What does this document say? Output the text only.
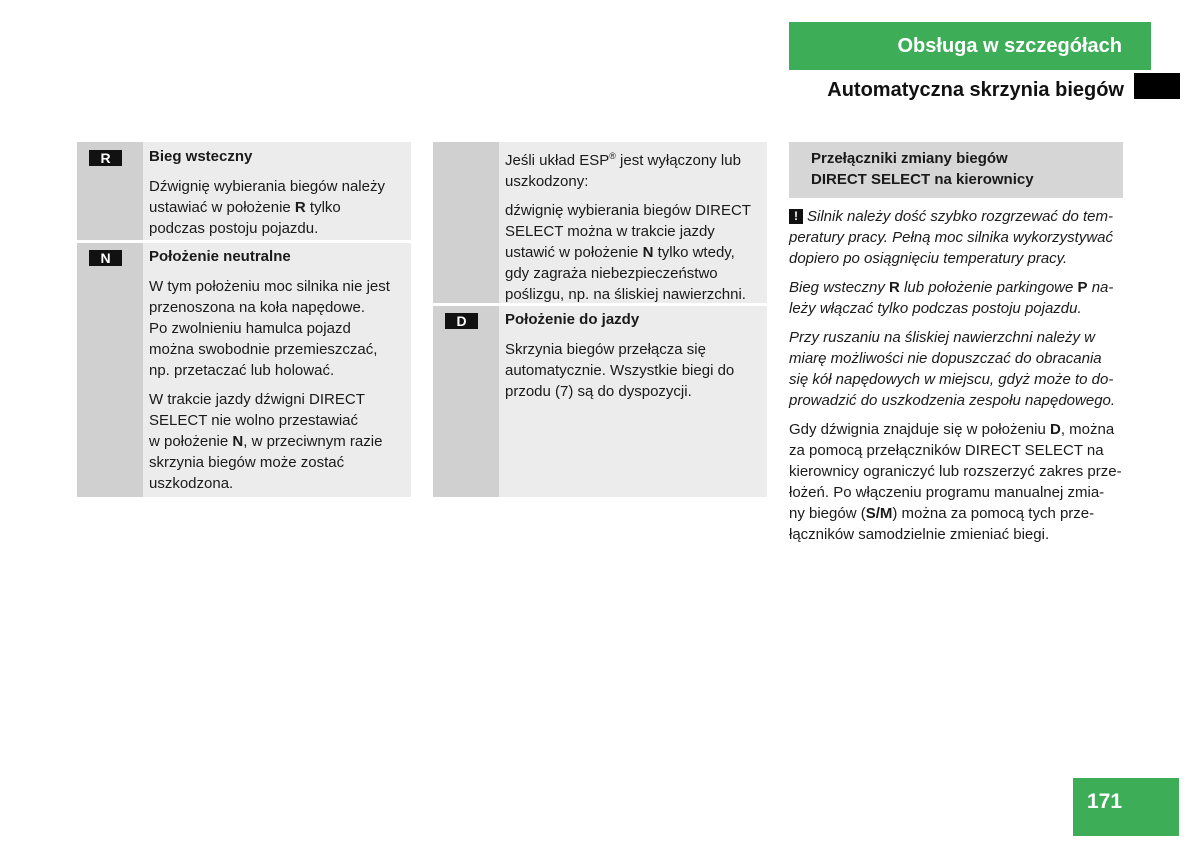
Obsługa w szczegółach
Automatyczna skrzynia biegów
R
N

Bieg wsteczny

Dźwignię wybierania biegów należy
ustawiać w położenie R tylko
podczas postoju pojazdu.

Położenie neutralne

W tym położeniu moc silnika nie jest
przenoszona na koła napędowe.
Po zwolnieniu hamulca pojazd
można swobodnie przemieszczać,
np. przetaczać lub holować.

W trakcie jazdy dźwigni DIRECT
SELECT nie wolno przestawiać
w położenie N, w przeciwnym razie
skrzynia biegów może zostać
uszkodzona.

D

Jeśli układ ESP® jest wyłączony lub
uszkodzony:

dźwignię wybierania biegów DIRECT
SELECT można w trakcie jazdy
ustawić w położenie N tylko wtedy,
gdy zagraża niebezpieczeństwo
poślizgu, np. na śliskiej nawierzchni.

Położenie do jazdy

Skrzynia biegów przełącza się
automatycznie. Wszystkie biegi do
przodu (7) są do dyspozycji.

Przełączniki zmiany biegów
DIRECT SELECT na kierownicy

! Silnik należy dość szybko rozgrzewać do tem-
peratury pracy. Pełną moc silnika wykorzystywać
dopiero po osiągnięciu temperatury pracy.

Bieg wsteczny R lub położenie parkingowe P na-
leży włączać tylko podczas postoju pojazdu.

Przy ruszaniu na śliskiej nawierzchni należy w
miarę możliwości nie dopuszczać do obracania
się kół napędowych w miejscu, gdyż może to do-
prowadzić do uszkodzenia zespołu napędowego.

Gdy dźwignia znajduje się w położeniu D, można
za pomocą przełączników DIRECT SELECT na
kierownicy ograniczyć lub rozszerzyć zakres prze-
łożeń. Po włączeniu programu manualnej zmia-
ny biegów (S/M) można za pomocą tych prze-
łączników samodzielnie zmieniać biegi.

171
